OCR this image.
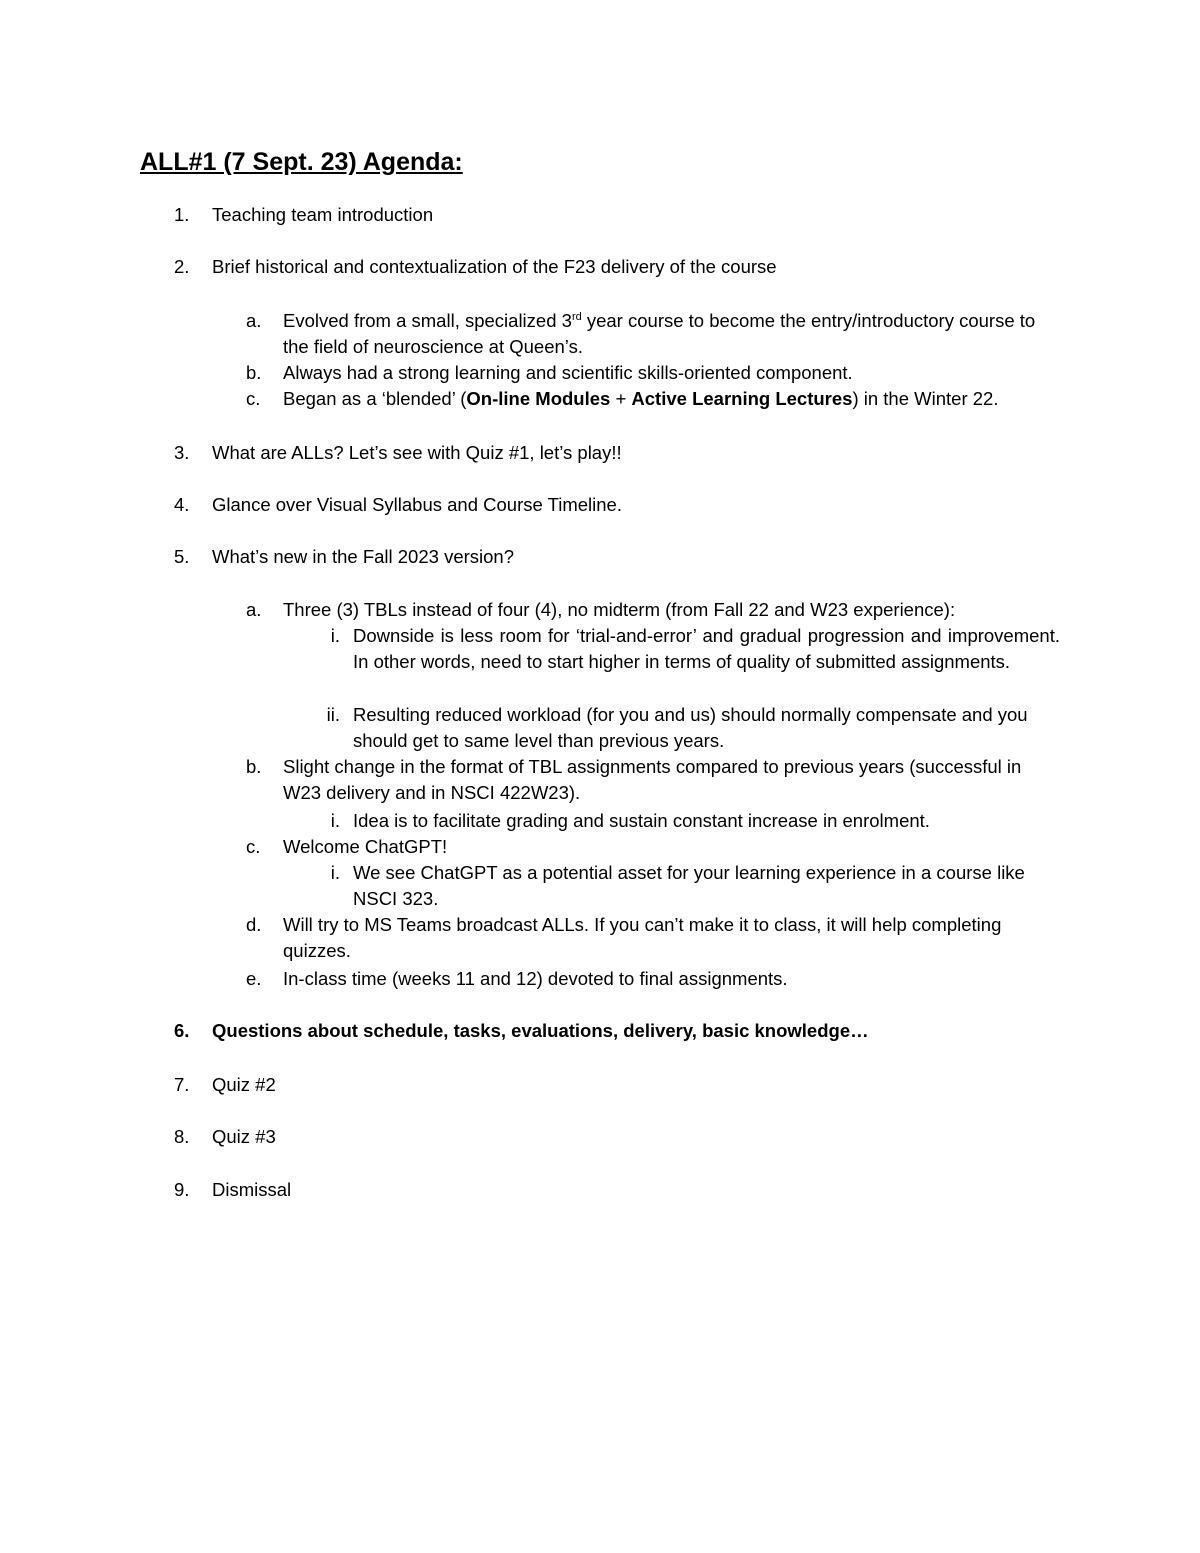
ALL#1 (7 Sept. 23) Agenda:
1. Teaching team introduction
2. Brief historical and contextualization of the F23 delivery of the course
a. Evolved from a small, specialized 3rd year course to become the entry/introductory course to the field of neuroscience at Queen’s.
b. Always had a strong learning and scientific skills-oriented component.
c. Began as a ‘blended’ (On-line Modules + Active Learning Lectures) in the Winter 22.
3. What are ALLs? Let’s see with Quiz #1, let’s play!!
4. Glance over Visual Syllabus and Course Timeline.
5. What’s new in the Fall 2023 version?
a. Three (3) TBLs instead of four (4), no midterm (from Fall 22 and W23 experience):
i. Downside is less room for ‘trial-and-error’ and gradual progression and improvement. In other words, need to start higher in terms of quality of submitted assignments.
ii. Resulting reduced workload (for you and us) should normally compensate and you should get to same level than previous years.
b. Slight change in the format of TBL assignments compared to previous years (successful in W23 delivery and in NSCI 422W23).
i. Idea is to facilitate grading and sustain constant increase in enrolment.
c. Welcome ChatGPT!
i. We see ChatGPT as a potential asset for your learning experience in a course like NSCI 323.
d. Will try to MS Teams broadcast ALLs. If you can’t make it to class, it will help completing quizzes.
e. In-class time (weeks 11 and 12) devoted to final assignments.
6. Questions about schedule, tasks, evaluations, delivery, basic knowledge…
7. Quiz #2
8. Quiz #3
9. Dismissal
